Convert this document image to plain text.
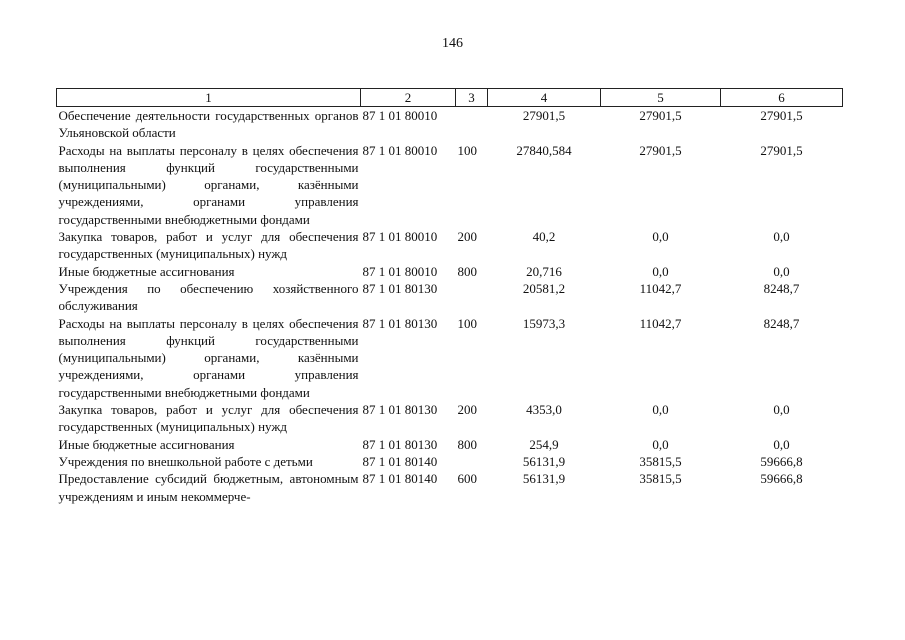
146
1	2	3	4	5	6
Обеспечение деятельности государственных органов Ульяновской области	87 1 01 80010		27901,5	27901,5	27901,5
Расходы на выплаты персоналу в целях обеспечения выполнения функций государственными (муниципальными) органами, казёнными учреждениями, органами управления государственными внебюджетными фондами	87 1 01 80010	100	27840,584	27901,5	27901,5
Закупка товаров, работ и услуг для обеспечения государственных (муниципальных) нужд	87 1 01 80010	200	40,2	0,0	0,0
Иные бюджетные ассигнования	87 1 01 80010	800	20,716	0,0	0,0
Учреждения по обеспечению хозяйственного обслуживания	87 1 01 80130		20581,2	11042,7	8248,7
Расходы на выплаты персоналу в целях обеспечения выполнения функций государственными (муниципальными) органами, казёнными учреждениями, органами управления государственными внебюджетными фондами	87 1 01 80130	100	15973,3	11042,7	8248,7
Закупка товаров, работ и услуг для обеспечения государственных (муниципальных) нужд	87 1 01 80130	200	4353,0	0,0	0,0
Иные бюджетные ассигнования	87 1 01 80130	800	254,9	0,0	0,0
Учреждения по внешкольной работе с детьми	87 1 01 80140		56131,9	35815,5	59666,8
Предоставление субсидий бюджетным, автономным учреждениям и иным некоммерче-	87 1 01 80140	600	56131,9	35815,5	59666,8
